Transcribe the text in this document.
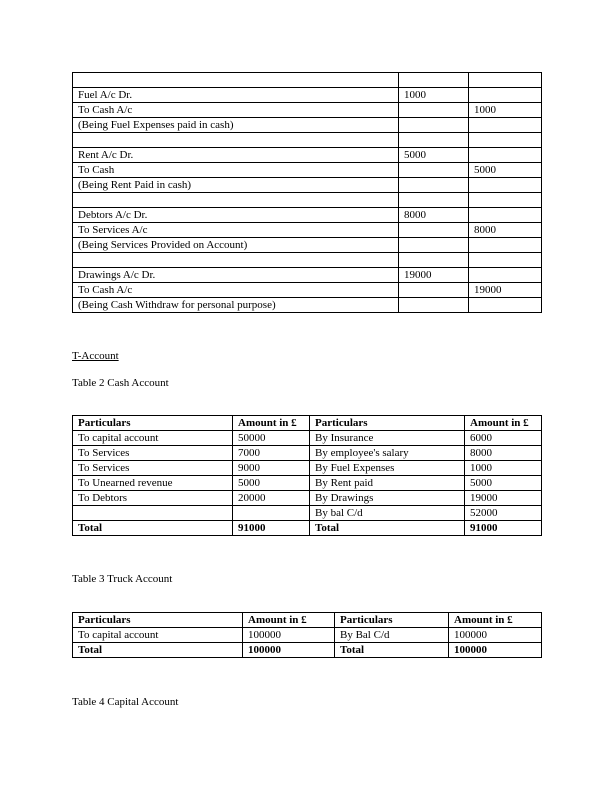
Fuel A/c Dr.	1000	
To Cash A/c		1000
(Being Fuel Expenses paid in cash)		

Rent A/c Dr.	5000	
To Cash		5000
(Being Rent Paid in cash)		

Debtors A/c Dr.	8000	
To Services A/c		8000
(Being Services Provided on Account)		

Drawings A/c Dr.	19000	
To Cash A/c		19000
(Being Cash Withdraw for personal purpose)		
T-Account
Table 2 Cash Account
Particulars	Amount in £	Particulars	Amount in £
To capital account	50000	By Insurance	6000
To Services	7000	By employee's salary	8000
To Services	9000	By Fuel Expenses	1000
To Unearned revenue	5000	By Rent paid	5000
To Debtors	20000	By Drawings	19000
		By bal C/d	52000
Total	91000	Total	91000
Table 3 Truck Account
Particulars	Amount in £	Particulars	Amount in £
To capital account	100000	By Bal C/d	100000
Total	100000	Total	100000
Table 4 Capital Account
